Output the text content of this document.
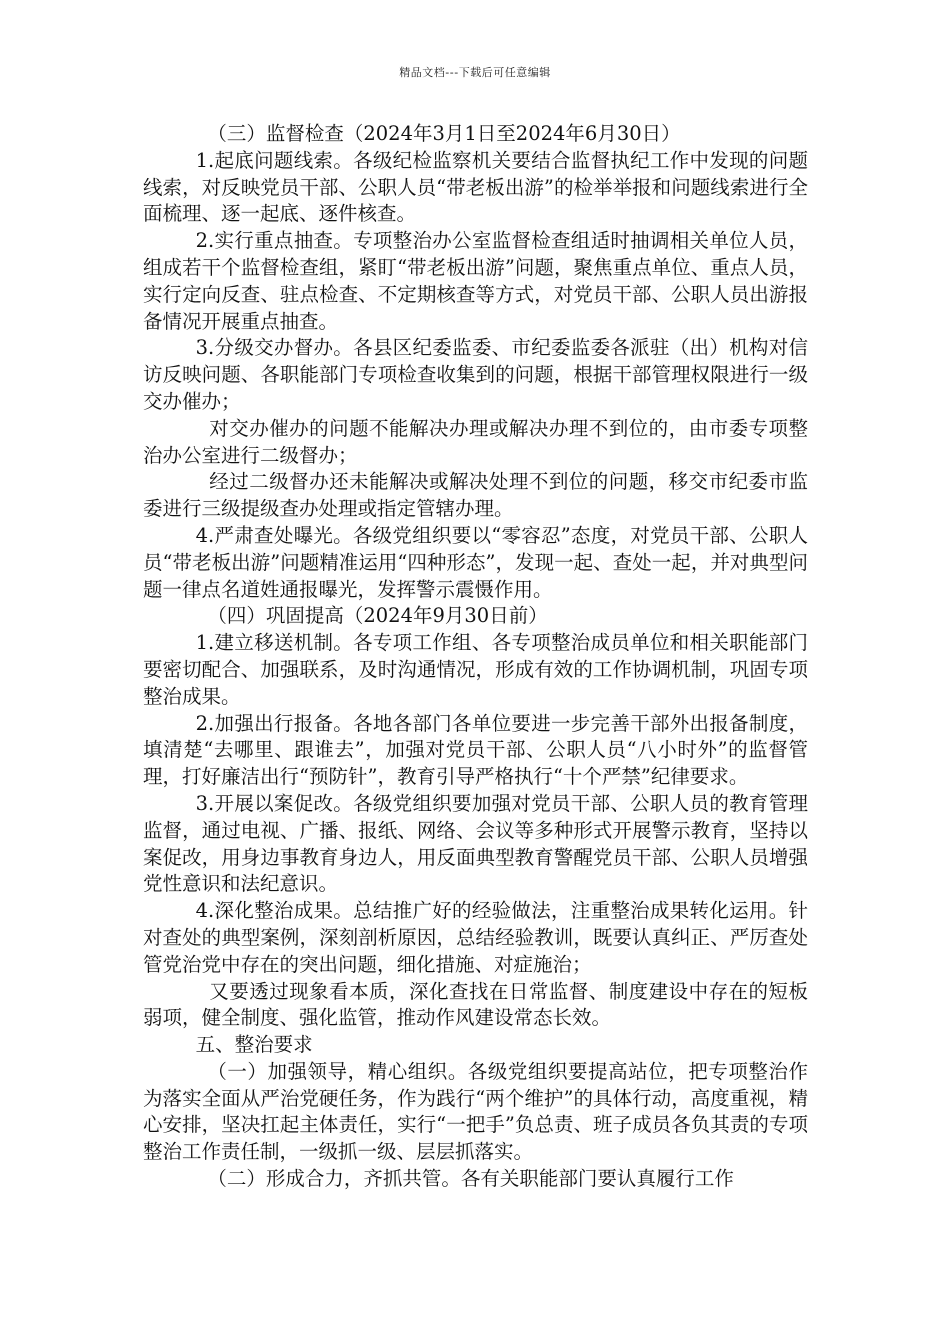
精品文档---下载后可任意编辑

（三）监督检查（2024年3月1日至2024年6月30日）

1.起底问题线索。各级纪检监察机关要结合监督执纪工作中发现的问题线索，对反映党员干部、公职人员“带老板出游”的检举举报和问题线索进行全面梳理、逐一起底、逐件核查。

2.实行重点抽查。专项整治办公室监督检查组适时抽调相关单位人员，组成若干个监督检查组，紧盯“带老板出游”问题，聚焦重点单位、重点人员，实行定向反查、驻点检查、不定期核查等方式，对党员干部、公职人员出游报备情况开展重点抽查。

3.分级交办督办。各县区纪委监委、市纪委监委各派驻（出）机构对信访反映问题、各职能部门专项检查收集到的问题，根据干部管理权限进行一级交办催办；

对交办催办的问题不能解决办理或解决办理不到位的，由市委专项整治办公室进行二级督办；

经过二级督办还未能解决或解决处理不到位的问题，移交市纪委市监委进行三级提级查办处理或指定管辖办理。

4.严肃查处曝光。各级党组织要以“零容忍”态度，对党员干部、公职人员“带老板出游”问题精准运用“四种形态”，发现一起、查处一起，并对典型问题一律点名道姓通报曝光，发挥警示震慑作用。

（四）巩固提高（2024年9月30日前）

1.建立移送机制。各专项工作组、各专项整治成员单位和相关职能部门要密切配合、加强联系，及时沟通情况，形成有效的工作协调机制，巩固专项整治成果。

2.加强出行报备。各地各部门各单位要进一步完善干部外出报备制度，填清楚“去哪里、跟谁去”，加强对党员干部、公职人员“八小时外”的监督管理，打好廉洁出行“预防针”，教育引导严格执行“十个严禁”纪律要求。

3.开展以案促改。各级党组织要加强对党员干部、公职人员的教育管理监督，通过电视、广播、报纸、网络、会议等多种形式开展警示教育，坚持以案促改，用身边事教育身边人，用反面典型教育警醒党员干部、公职人员增强党性意识和法纪意识。

4.深化整治成果。总结推广好的经验做法，注重整治成果转化运用。针对查处的典型案例，深刻剖析原因，总结经验教训，既要认真纠正、严厉查处管党治党中存在的突出问题，细化措施、对症施治；

又要透过现象看本质，深化查找在日常监督、制度建设中存在的短板弱项，健全制度、强化监管，推动作风建设常态长效。

五、整治要求

（一）加强领导，精心组织。各级党组织要提高站位，把专项整治作为落实全面从严治党硬任务，作为践行“两个维护”的具体行动，高度重视，精心安排，坚决扛起主体责任，实行“一把手”负总责、班子成员各负其责的专项整治工作责任制，一级抓一级、层层抓落实。

（二）形成合力，齐抓共管。各有关职能部门要认真履行工作
